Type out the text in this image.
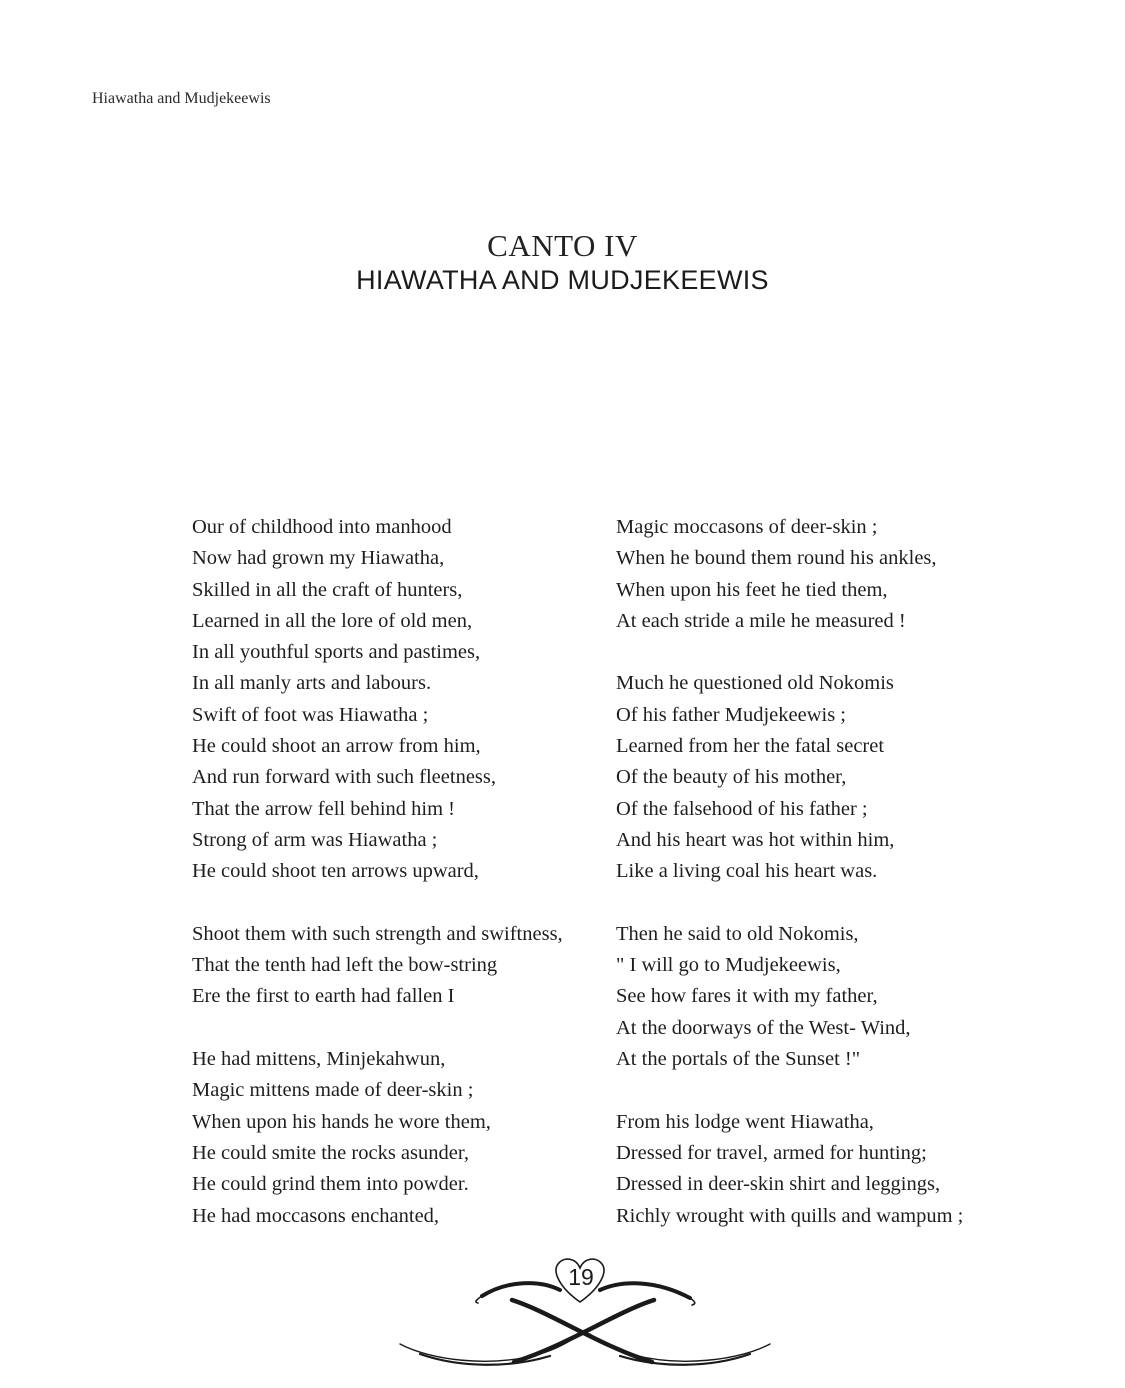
Hiawatha and Mudjekeewis
CANTO IV
HIAWATHA AND MUDJEKEEWIS
Our of childhood into manhood
Now had grown my Hiawatha,
Skilled in all the craft of hunters,
Learned in all the lore of old men,
In all youthful sports and pastimes,
In all manly arts and labours.
Swift of foot was Hiawatha ;
He could shoot an arrow from him,
And run forward with such fleetness,
That the arrow fell behind him !
Strong of arm was Hiawatha ;
He could shoot ten arrows upward,
Shoot them with such strength and swiftness,
That the tenth had left the bow-string
Ere the first to earth had fallen I
He had mittens, Minjekahwun,
Magic mittens made of deer-skin ;
When upon his hands he wore them,
He could smite the rocks asunder,
He could grind them into powder.
He had moccasons enchanted,
Magic moccasons of deer-skin ;
When he bound them round his ankles,
When upon his feet he tied them,
At each stride a mile he measured !
Much he questioned old Nokomis
Of his father Mudjekeewis ;
Learned from her the fatal secret
Of the beauty of his mother,
Of the falsehood of his father ;
And his heart was hot within him,
Like a living coal his heart was.
Then he said to old Nokomis,
" I will go to Mudjekeewis,
See how fares it with my father,
At the doorways of the West- Wind,
At the portals of the Sunset !"
From his lodge went Hiawatha,
Dressed for travel, armed for hunting;
Dressed in deer-skin shirt and leggings,
Richly wrought with quills and wampum ;
19
